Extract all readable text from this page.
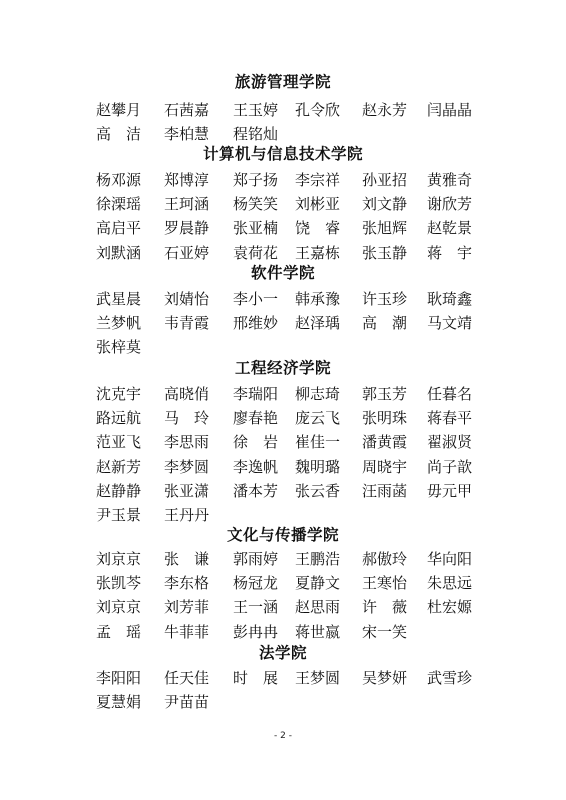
旅游管理学院
赵攀月 石茜嘉 王玉婷 孔令欣 赵永芳 闫晶晶
高洁 李柏慧 程铭灿
计算机与信息技术学院
杨邓源 郑博淳 郑子扬 李宗祥 孙亚招 黄雅奇
徐溧瑶 王珂涵 杨笑笑 刘彬亚 刘文静 谢欣芳
高启平 罗晨静 张亚楠 饶睿 张旭辉 赵乾景
刘默涵 石亚婷 袁荷花 王嘉栋 张玉静 蒋宇
软件学院
武星晨 刘婧怡 李小一 韩承豫 许玉珍 耿琦鑫
兰梦帆 韦青霞 邢维妙 赵泽瑀 高潮 马文靖
张梓莫
工程经济学院
沈克宇 高晓俏 李瑞阳 柳志琦 郭玉芳 任暮名
路远航 马玲 廖春艳 庞云飞 张明珠 蒋春平
范亚飞 李思雨 徐岩 崔佳一 潘黄霞 翟淑贤
赵新芳 李梦圆 李逸帆 魏明璐 周晓宇 尚子歆
赵静静 张亚潇 潘本芳 张云香 汪雨菡 毋元甲
尹玉景 王丹丹
文化与传播学院
刘京京 张谦 郭雨婷 王鹏浩 郝傲玲 华向阳
张凯芩 李东格 杨冠龙 夏静文 王寒怡 朱思远
刘京京 刘芳菲 王一涵 赵思雨 许薇 杜宏嫄
孟瑶 牛菲菲 彭冉冉 蒋世嬴 宋一笑
法学院
李阳阳 任天佳 时展 王梦圆 吴梦妍 武雪珍
夏慧娟 尹苗苗
- 2 -
